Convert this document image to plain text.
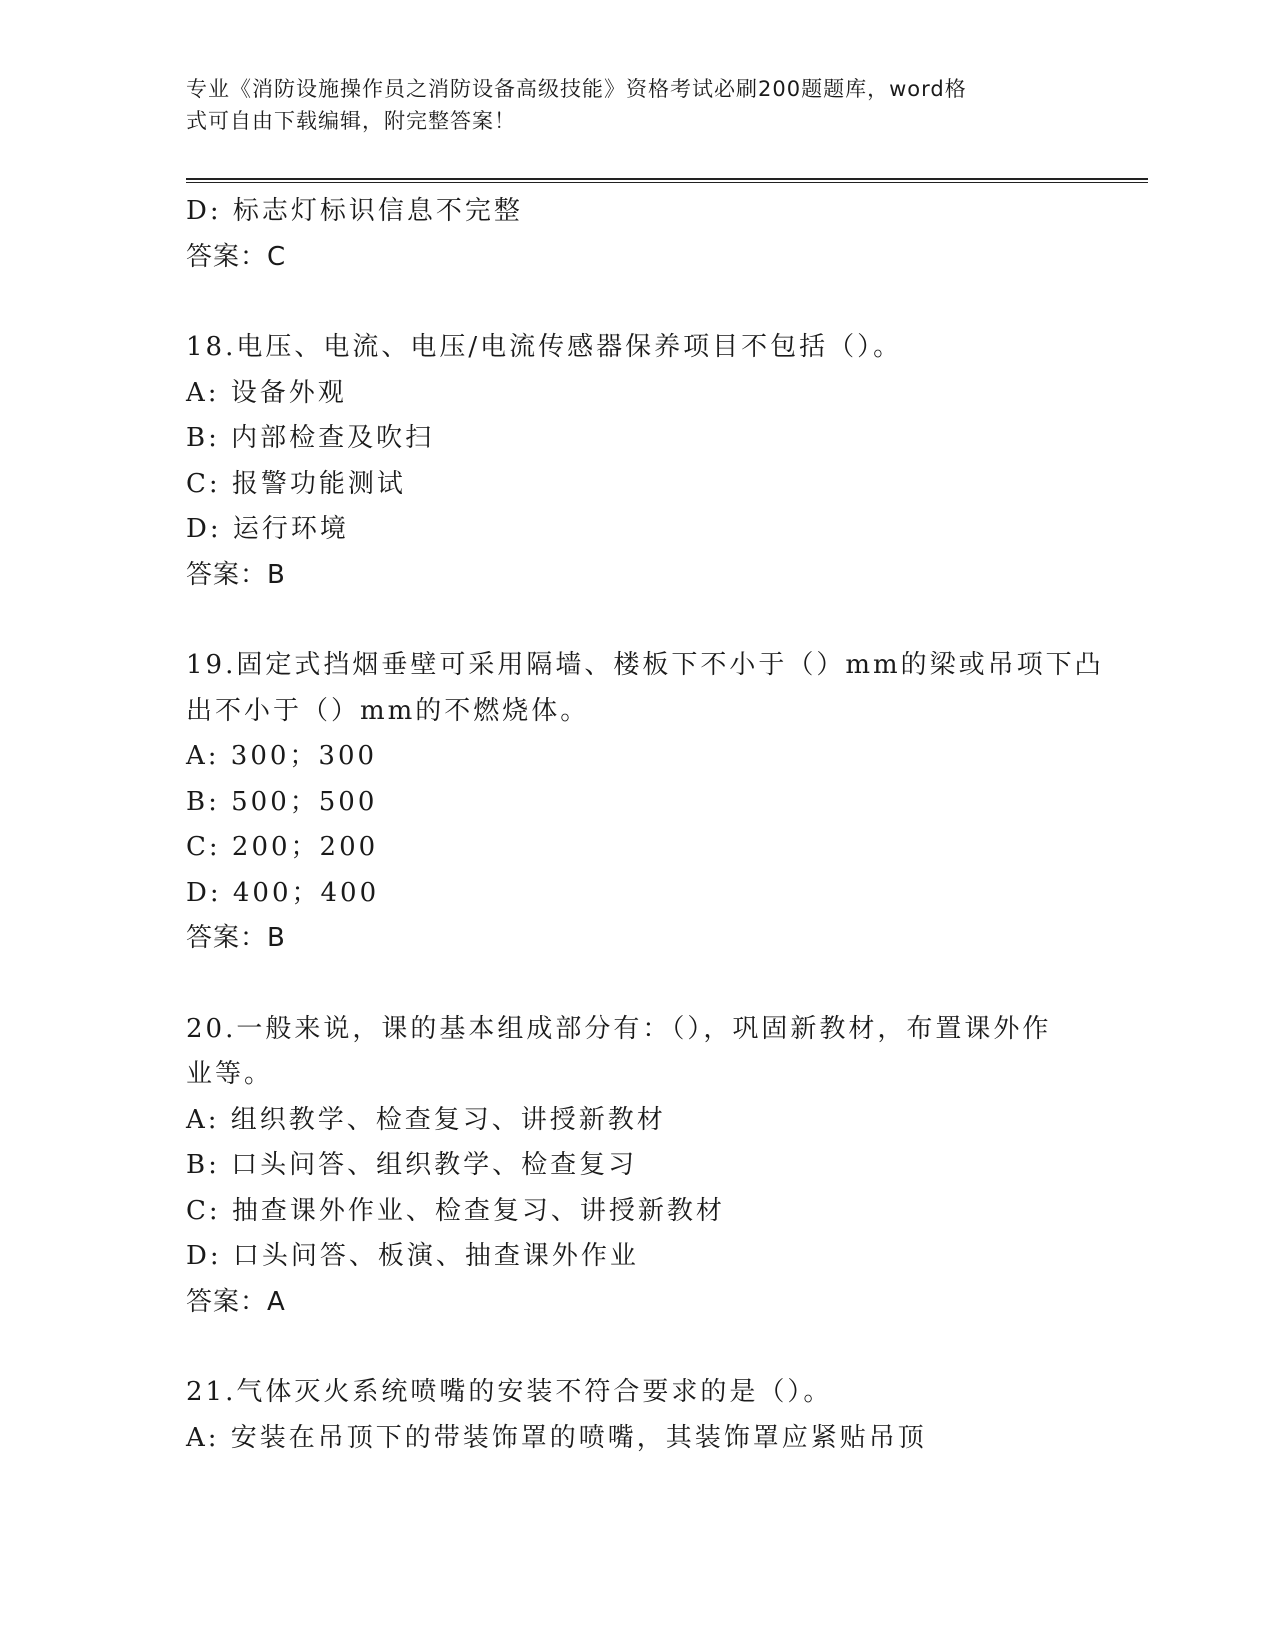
专业《消防设施操作员之消防设备高级技能》资格考试必刷200题题库，word格
式可自由下载编辑，附完整答案！
D: 标志灯标识信息不完整
答案：C
18.电压、电流、电压/电流传感器保养项目不包括（）。
A: 设备外观
B: 内部检查及吹扫
C: 报警功能测试
D: 运行环境
答案：B
19.固定式挡烟垂壁可采用隔墙、楼板下不小于（）mm的梁或吊项下凸
出不小于（）mm的不燃烧体。
A: 300；300
B: 500；500
C: 200；200
D: 400；400
答案：B
20.一般来说，课的基本组成部分有：（），巩固新教材，布置课外作
业等。
A: 组织教学、检查复习、讲授新教材
B: 口头问答、组织教学、检查复习
C: 抽查课外作业、检查复习、讲授新教材
D: 口头问答、板演、抽查课外作业
答案：A
21.气体灭火系统喷嘴的安装不符合要求的是（）。
A: 安装在吊顶下的带装饰罩的喷嘴，其装饰罩应紧贴吊顶
